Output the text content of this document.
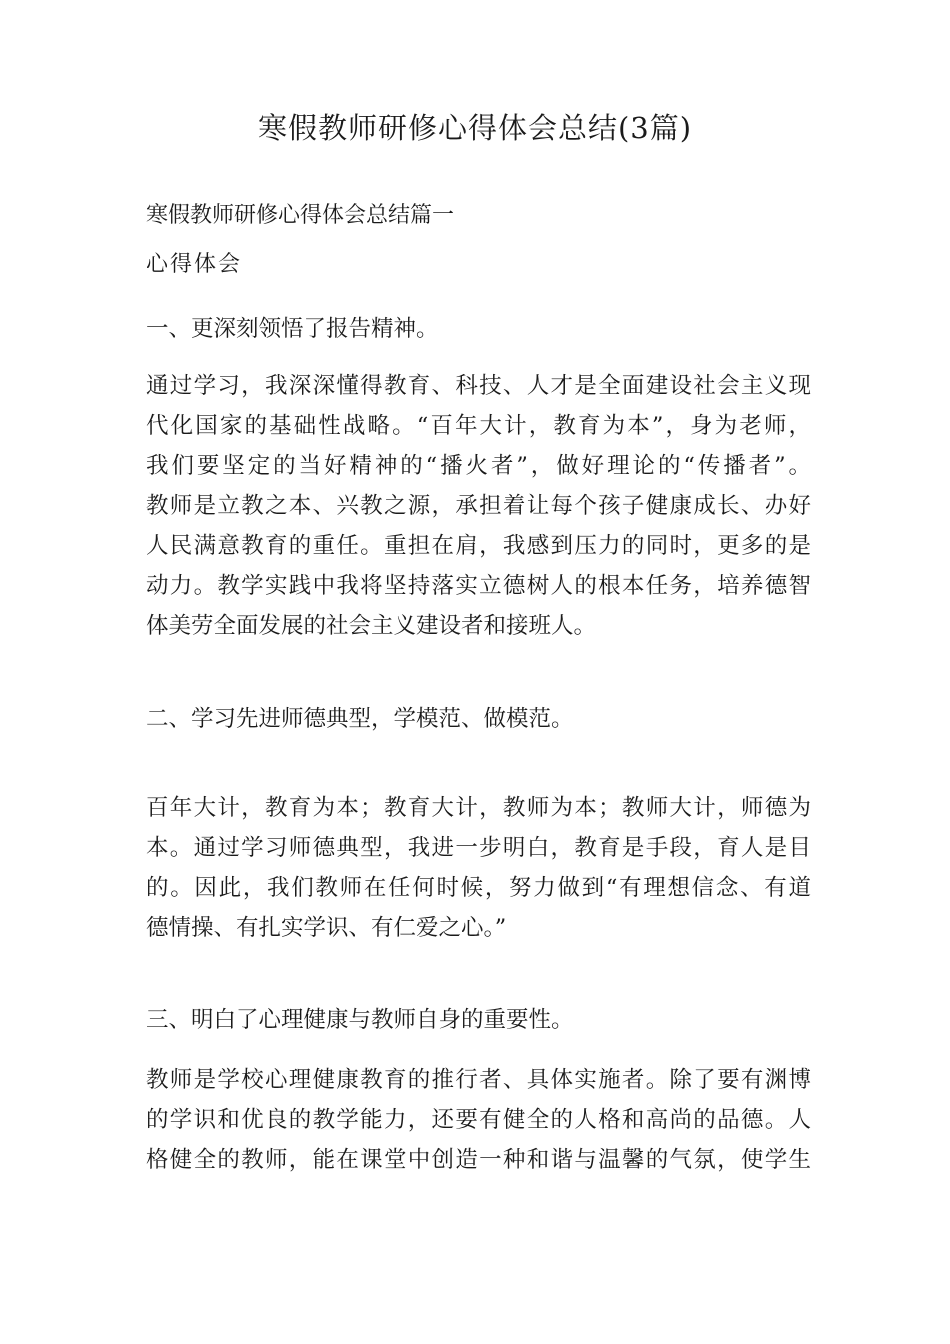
寒假教师研修心得体会总结(3篇)
寒假教师研修心得体会总结篇一
心得体会
一、更深刻领悟了报告精神。
通过学习，我深深懂得教育、科技、人才是全面建设社会主义现
代化国家的基础性战略。“百年大计，教育为本”，身为老师，
我们要坚定的当好精神的“播火者”，做好理论的“传播者”。
教师是立教之本、兴教之源，承担着让每个孩子健康成长、办好
人民满意教育的重任。重担在肩，我感到压力的同时，更多的是
动力。教学实践中我将坚持落实立德树人的根本任务，培养德智
体美劳全面发展的社会主义建设者和接班人。
二、学习先进师德典型，学模范、做模范。
百年大计，教育为本；教育大计，教师为本；教师大计，师德为
本。通过学习师德典型，我进一步明白，教育是手段，育人是目
的。因此，我们教师在任何时候，努力做到“有理想信念、有道
德情操、有扎实学识、有仁爱之心。”
三、明白了心理健康与教师自身的重要性。
教师是学校心理健康教育的推行者、具体实施者。除了要有渊博
的学识和优良的教学能力，还要有健全的人格和高尚的品德。人
格健全的教师，能在课堂中创造一种和谐与温馨的气氛，使学生
